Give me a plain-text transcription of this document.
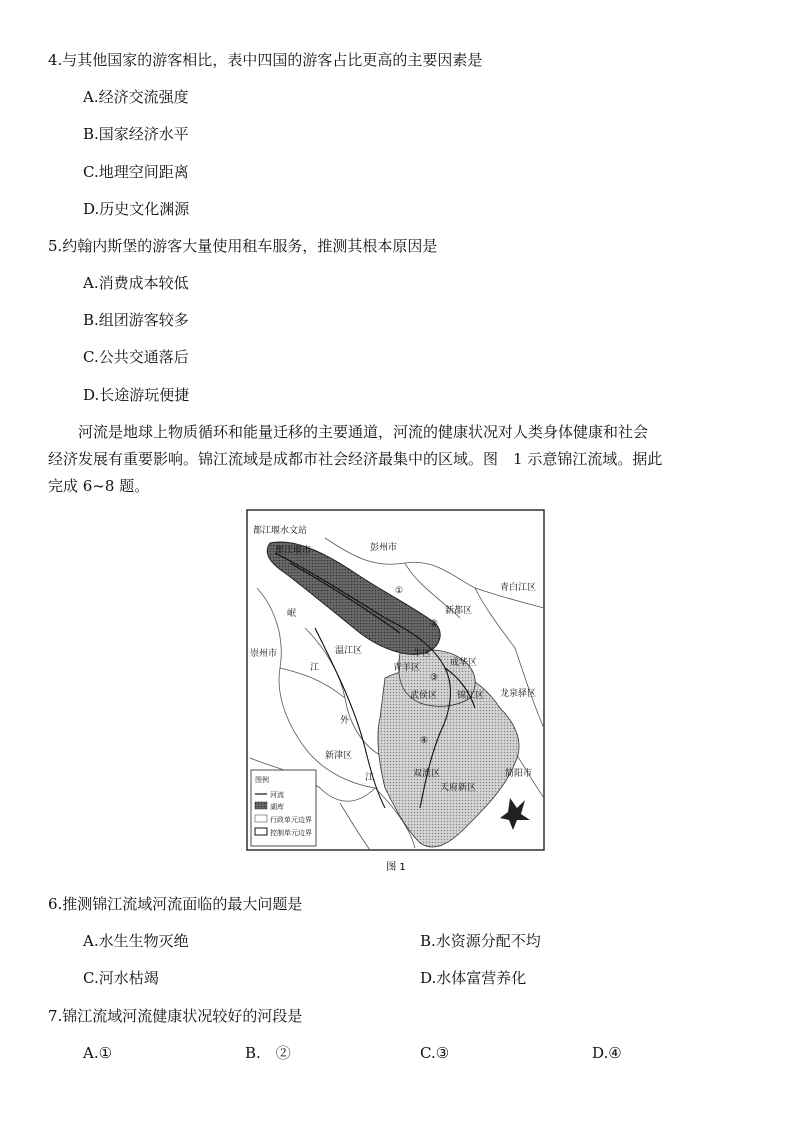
4.与其他国家的游客相比，表中四国的游客占比更高的主要因素是
A.经济交流强度
B.国家经济水平
C.地理空间距离
D.历史文化渊源
5.约翰内斯堡的游客大量使用租车服务，推测其根本原因是
A.消费成本较低
B.组团游客较多
C.公共交通落后
D.长途游玩便捷
河流是地球上物质循环和能量迁移的主要通道，河流的健康状况对人类身体健康和社会
经济发展有重要影响。锦江流域是成都市社会经济最集中的区域。图　1 示意锦江流域。据此
完成 6~8 题。
都江堰水文站
都江堰市	彭州市
青白江区
新都区
岷
崇州市
江
温江区
青羊区
牛区
成华区
武侯区 锦江区 龙泉驿区
外
新津区
江	双流区
天府新区
简阳市
①
②
③
④
图例
河流
湖库
行政单元边界
控制单元边界
图 1
6.推测锦江流域河流面临的最大问题是
A.水生生物灭绝	B.水资源分配不均
C.河水枯竭	D.水体富营养化
7.锦江流域河流健康状况较好的河段是
A.①	B.　②	C.③	D.④
